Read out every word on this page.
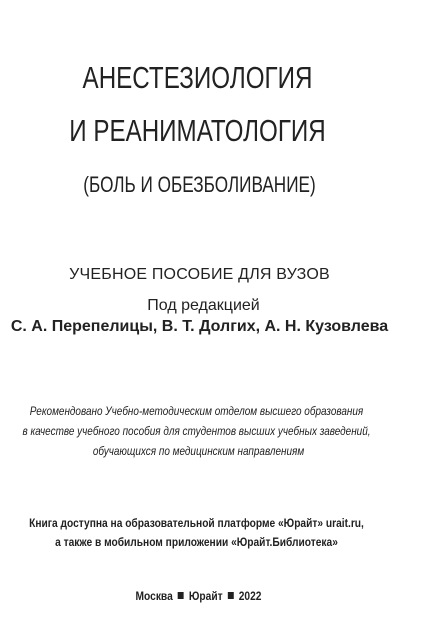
АНЕСТЕЗИОЛОГИЯ
И РЕАНИМАТОЛОГИЯ
(БОЛЬ И ОБЕЗБОЛИВАНИЕ)
УЧЕБНОЕ ПОСОБИЕ ДЛЯ ВУЗОВ
Под редакцией
С. А. Перепелицы, В. Т. Долгих, А. Н. Кузовлева
Рекомендовано Учебно-методическим отделом высшего образования
в качестве учебного пособия для студентов высших учебных заведений,
обучающихся по медицинским направлениям
Книга доступна на образовательной платформе «Юрайт» urait.ru,
а также в мобильном приложении «Юрайт.Библиотека»
Москва Юрайт 2022
